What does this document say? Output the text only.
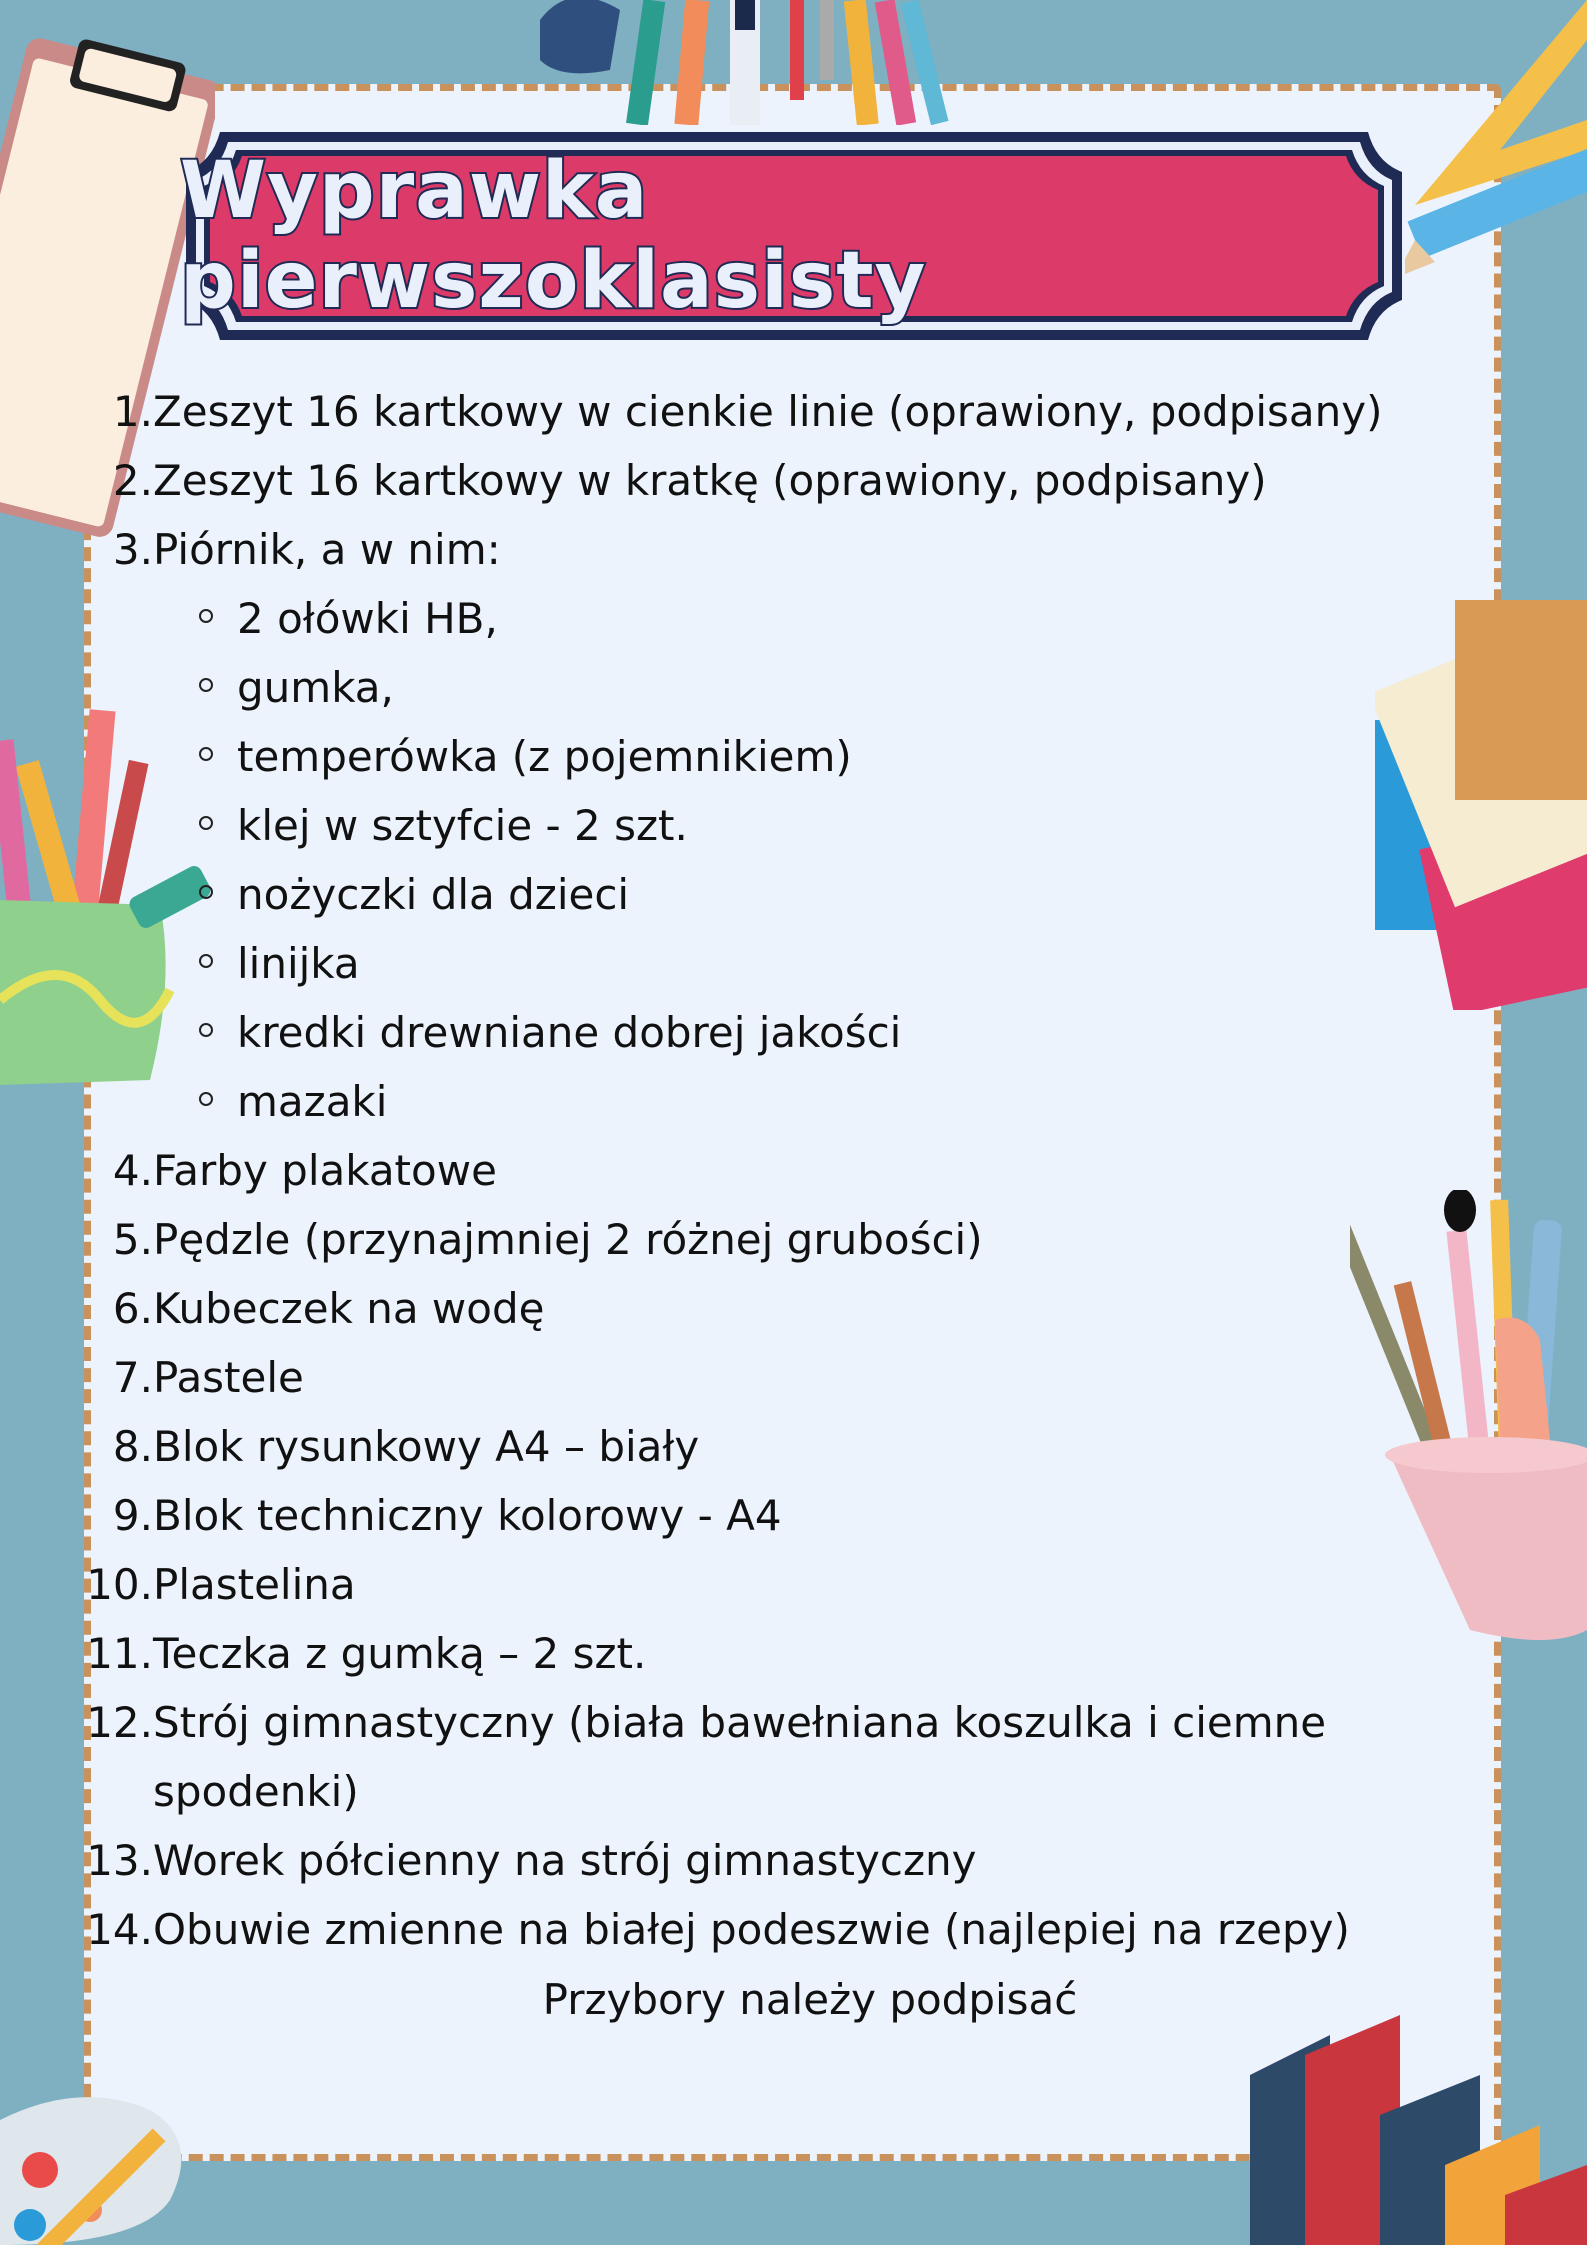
Wyprawka pierwszoklasisty
1. Zeszyt 16 kartkowy w cienkie linie (oprawiony, podpisany)
2. Zeszyt 16 kartkowy w kratkę (oprawiony, podpisany)
3. Piórnik, a w nim:
2 ołówki HB,
gumka,
temperówka (z pojemnikiem)
klej w sztyfcie - 2 szt.
nożyczki dla dzieci
linijka
kredki drewniane dobrej jakości
mazaki
4. Farby plakatowe
5. Pędzle (przynajmniej 2 różnej grubości)
6. Kubeczek na wodę
7. Pastele
8. Blok rysunkowy A4 – biały
9. Blok techniczny kolorowy - A4
10. Plastelina
11. Teczka z gumką – 2 szt.
12. Strój gimnastyczny (biała bawełniana koszulka i ciemne spodenki)
13. Worek półcienny na strój gimnastyczny
14. Obuwie zmienne na białej podeszwie (najlepiej na rzepy)
Przybory należy podpisać
